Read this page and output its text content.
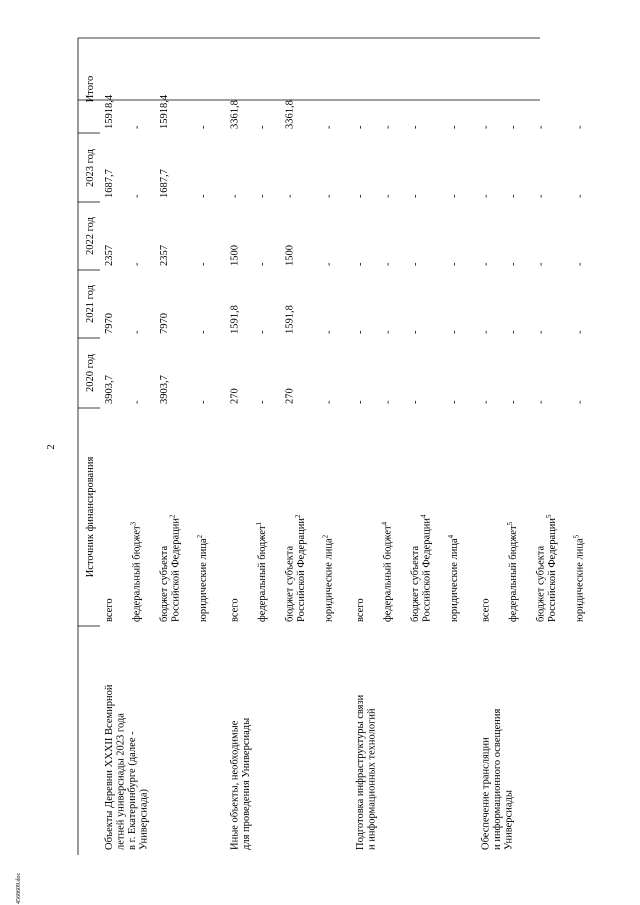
2
Источник финансирования
2020 год
2021 год
2022 год
2023 год
Итого
Объекты Деревни XXXII Всемирной летней универсиады 2023 года в г. Екатеринбурге (далее - Универсиада)
всего
3903,7
7970
2357
1687,7
15918,4
федеральный бюджет$^3$
-
-
-
-
-
бюджет субъекта Российской Федерации$^2$
3903,7
7970
2357
1687,7
15918,4
юридические лица$^2$
-
-
-
-
-
Иные объекты, необходимые для проведения Универсиады
всего
270
1591,8
1500
-
3361,8
федеральный бюджет$^1$
-
-
-
-
-
бюджет субъекта Российской Федерации$^2$
270
1591,8
1500
-
3361,8
юридические лица$^2$
-
-
-
-
-
Подготовка инфраструктуры связи и информационных технологий
всего
-
-
-
-
-
федеральный бюджет$^4$
-
-
-
-
-
бюджет субъекта Российской Федерации$^4$
-
-
-
-
-
юридические лица$^4$
-
-
-
-
-
Обеспечение трансляции и информационного освещения Универсиады
всего
-
-
-
-
-
федеральный бюджет$^5$
-
-
-
-
-
бюджет субъекта Российской Федерации$^5$
-
-
-
-
-
юридические лица$^5$
-
-
-
-
-
4568609.doc
